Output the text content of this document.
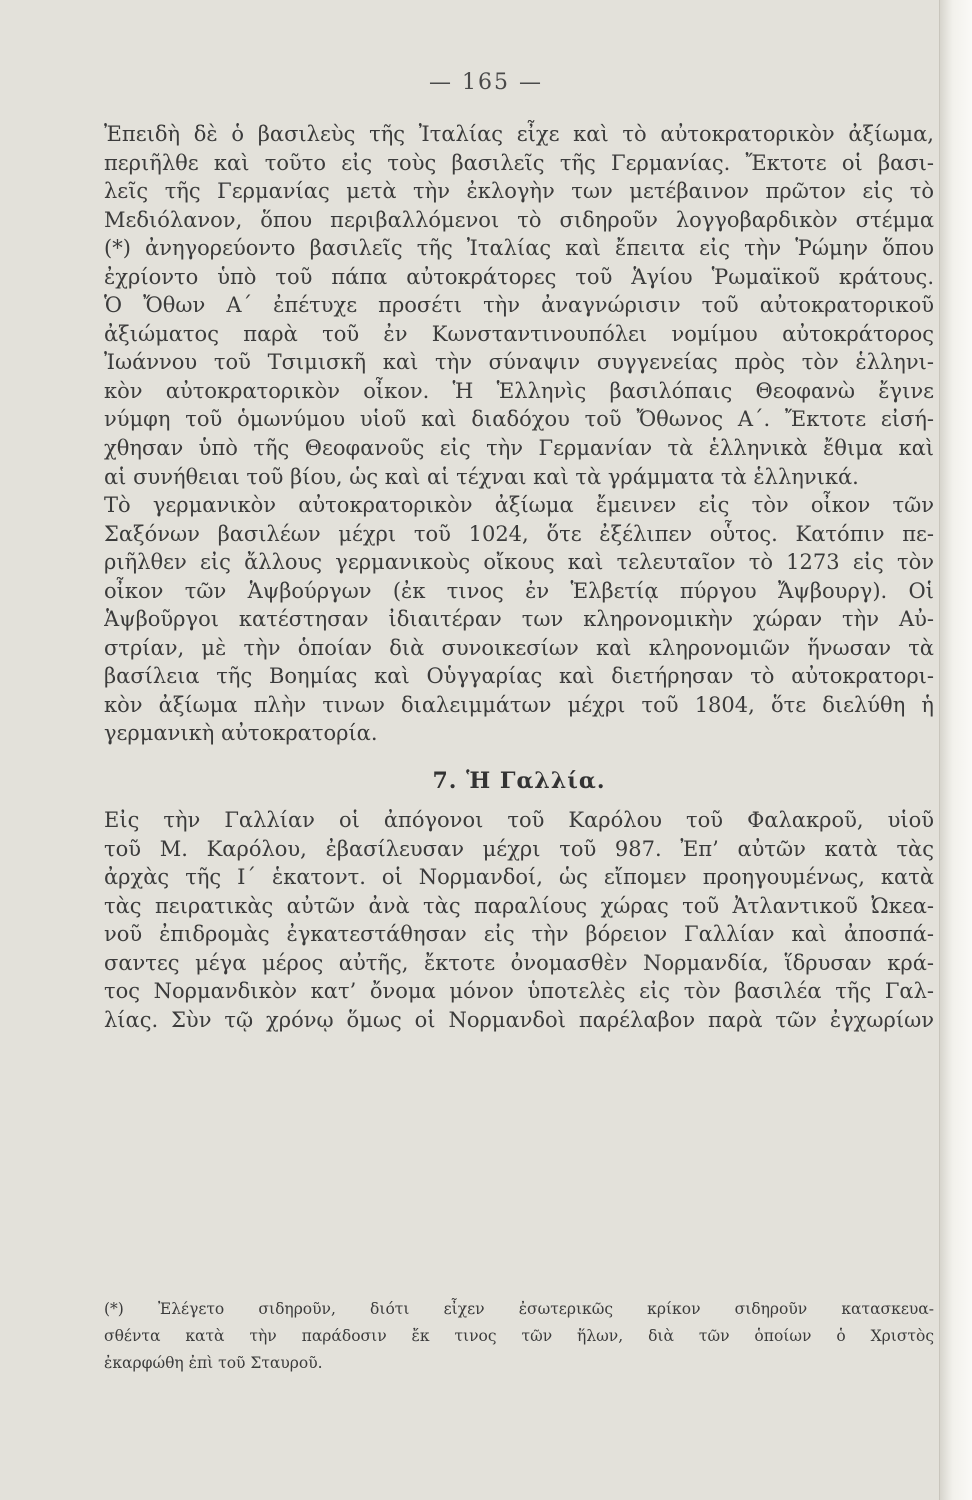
— 165 —
Ἐπειδὴ δὲ ὁ βασιλεὺς τῆς Ἰταλίας εἶχε καὶ τὸ αὐτοκρατορικὸν ἀξίωμα,
περιῆλθε καὶ τοῦτο εἰς τοὺς βασιλεῖς τῆς Γερμανίας. Ἔκτοτε οἱ βασι-
λεῖς τῆς Γερμανίας μετὰ τὴν ἐκλογὴν των μετέβαινον πρῶτον εἰς τὸ
Μεδιόλανον, ὅπου περιβαλλόμενοι τὸ σιδηροῦν λογγοβαρδικὸν στέμμα
(*) ἀνηγορεύοντο βασιλεῖς τῆς Ἰταλίας καὶ ἔπειτα εἰς τὴν Ῥώμην ὅπου
ἐχρίοντο ὑπὸ τοῦ πάπα αὐτοκράτορες τοῦ Ἁγίου Ῥωμαϊκοῦ κράτους.
Ὁ Ὄθων Α΄ ἐπέτυχε προσέτι τὴν ἀναγνώρισιν τοῦ αὐτοκρατορικοῦ
ἀξιώματος παρὰ τοῦ ἐν Κωνσταντινουπόλει νομίμου αὐτοκράτορος
Ἰωάννου τοῦ Τσιμισκῆ καὶ τὴν σύναψιν συγγενείας πρὸς τὸν ἑλληνι-
κὸν αὐτοκρατορικὸν οἶκον. Ἡ Ἑλληνὶς βασιλόπαις Θεοφανὼ ἔγινε
νύμφη τοῦ ὁμωνύμου υἱοῦ καὶ διαδόχου τοῦ Ὄθωνος Α΄. Ἔκτοτε εἰσή-
χθησαν ὑπὸ τῆς Θεοφανοῦς εἰς τὴν Γερμανίαν τὰ ἑλληνικὰ ἔθιμα καὶ
αἱ συνήθειαι τοῦ βίου, ὡς καὶ αἱ τέχναι καὶ τὰ γράμματα τὰ ἑλληνικά.
Τὸ γερμανικὸν αὐτοκρατορικὸν ἀξίωμα ἔμεινεν εἰς τὸν οἶκον τῶν
Σαξόνων βασιλέων μέχρι τοῦ 1024, ὅτε ἐξέλιπεν οὗτος. Κατόπιν πε-
ριῆλθεν εἰς ἄλλους γερμανικοὺς οἴκους καὶ τελευταῖον τὸ 1273 εἰς τὸν
οἶκον τῶν Ἁψβούργων (ἐκ τινος ἐν Ἑλβετίᾳ πύργου Ἄψβουργ). Οἱ
Ἁψβοῦργοι κατέστησαν ἰδιαιτέραν των κληρονομικὴν χώραν τὴν Αὐ-
στρίαν, μὲ τὴν ὁποίαν διὰ συνοικεσίων καὶ κληρονομιῶν ἥνωσαν τὰ
βασίλεια τῆς Βοημίας καὶ Οὑγγαρίας καὶ διετήρησαν τὸ αὐτοκρατορι-
κὸν ἀξίωμα πλὴν τινων διαλειμμάτων μέχρι τοῦ 1804, ὅτε διελύθη ἡ
γερμανικὴ αὐτοκρατορία.
7. Ἡ Γαλλία.
Εἰς τὴν Γαλλίαν οἱ ἀπόγονοι τοῦ Καρόλου τοῦ Φαλακροῦ, υἱοῦ
τοῦ Μ. Καρόλου, ἐβασίλευσαν μέχρι τοῦ 987. Ἐπ’ αὐτῶν κατὰ τὰς
ἀρχὰς τῆς Ι΄ ἑκατοντ. οἱ Νορμανδοί, ὡς εἴπομεν προηγουμένως, κατὰ
τὰς πειρατικὰς αὐτῶν ἀνὰ τὰς παραλίους χώρας τοῦ Ἀτλαντικοῦ Ὠκεα-
νοῦ ἐπιδρομὰς ἐγκατεστάθησαν εἰς τὴν βόρειον Γαλλίαν καὶ ἀποσπά-
σαντες μέγα μέρος αὐτῆς, ἔκτοτε ὀνομασθὲν Νορμανδία, ἵδρυσαν κρά-
τος Νορμανδικὸν κατ’ ὄνομα μόνον ὑποτελὲς εἰς τὸν βασιλέα τῆς Γαλ-
λίας. Σὺν τῷ χρόνῳ ὅμως οἱ Νορμανδοὶ παρέλαβον παρὰ τῶν ἐγχωρίων
(*) Ἐλέγετο σιδηροῦν, διότι εἶχεν ἐσωτερικῶς κρίκον σιδηροῦν κατασκευα-
σθέντα κατὰ τὴν παράδοσιν ἔκ τινος τῶν ἥλων, διὰ τῶν ὁποίων ὁ Χριστὸς
ἐκαρφώθη ἐπὶ τοῦ Σταυροῦ.
